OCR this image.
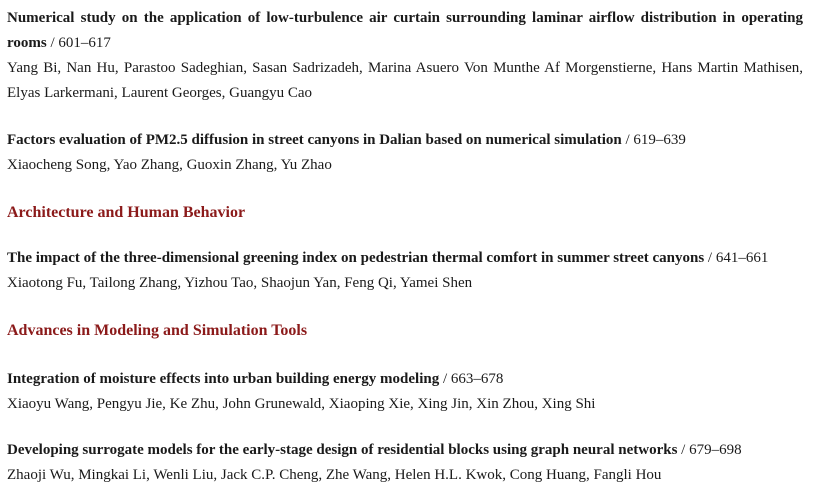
Numerical study on the application of low-turbulence air curtain surrounding laminar airflow distribution in operating rooms / 601–617

Yang Bi, Nan Hu, Parastoo Sadeghian, Sasan Sadrizadeh, Marina Asuero Von Munthe Af Morgenstierne, Hans Martin Mathisen, Elyas Larkermani, Laurent Georges, Guangyu Cao

Factors evaluation of PM2.5 diffusion in street canyons in Dalian based on numerical simulation / 619–639

Xiaocheng Song, Yao Zhang, Guoxin Zhang, Yu Zhao

Architecture and Human Behavior

The impact of the three-dimensional greening index on pedestrian thermal comfort in summer street canyons / 641–661

Xiaotong Fu, Tailong Zhang, Yizhou Tao, Shaojun Yan, Feng Qi, Yamei Shen

Advances in Modeling and Simulation Tools

Integration of moisture effects into urban building energy modeling / 663–678

Xiaoyu Wang, Pengyu Jie, Ke Zhu, John Grunewald, Xiaoping Xie, Xing Jin, Xin Zhou, Xing Shi

Developing surrogate models for the early-stage design of residential blocks using graph neural networks / 679–698

Zhaoji Wu, Mingkai Li, Wenli Liu, Jack C.P. Cheng, Zhe Wang, Helen H.L. Kwok, Cong Huang, Fangli Hou
